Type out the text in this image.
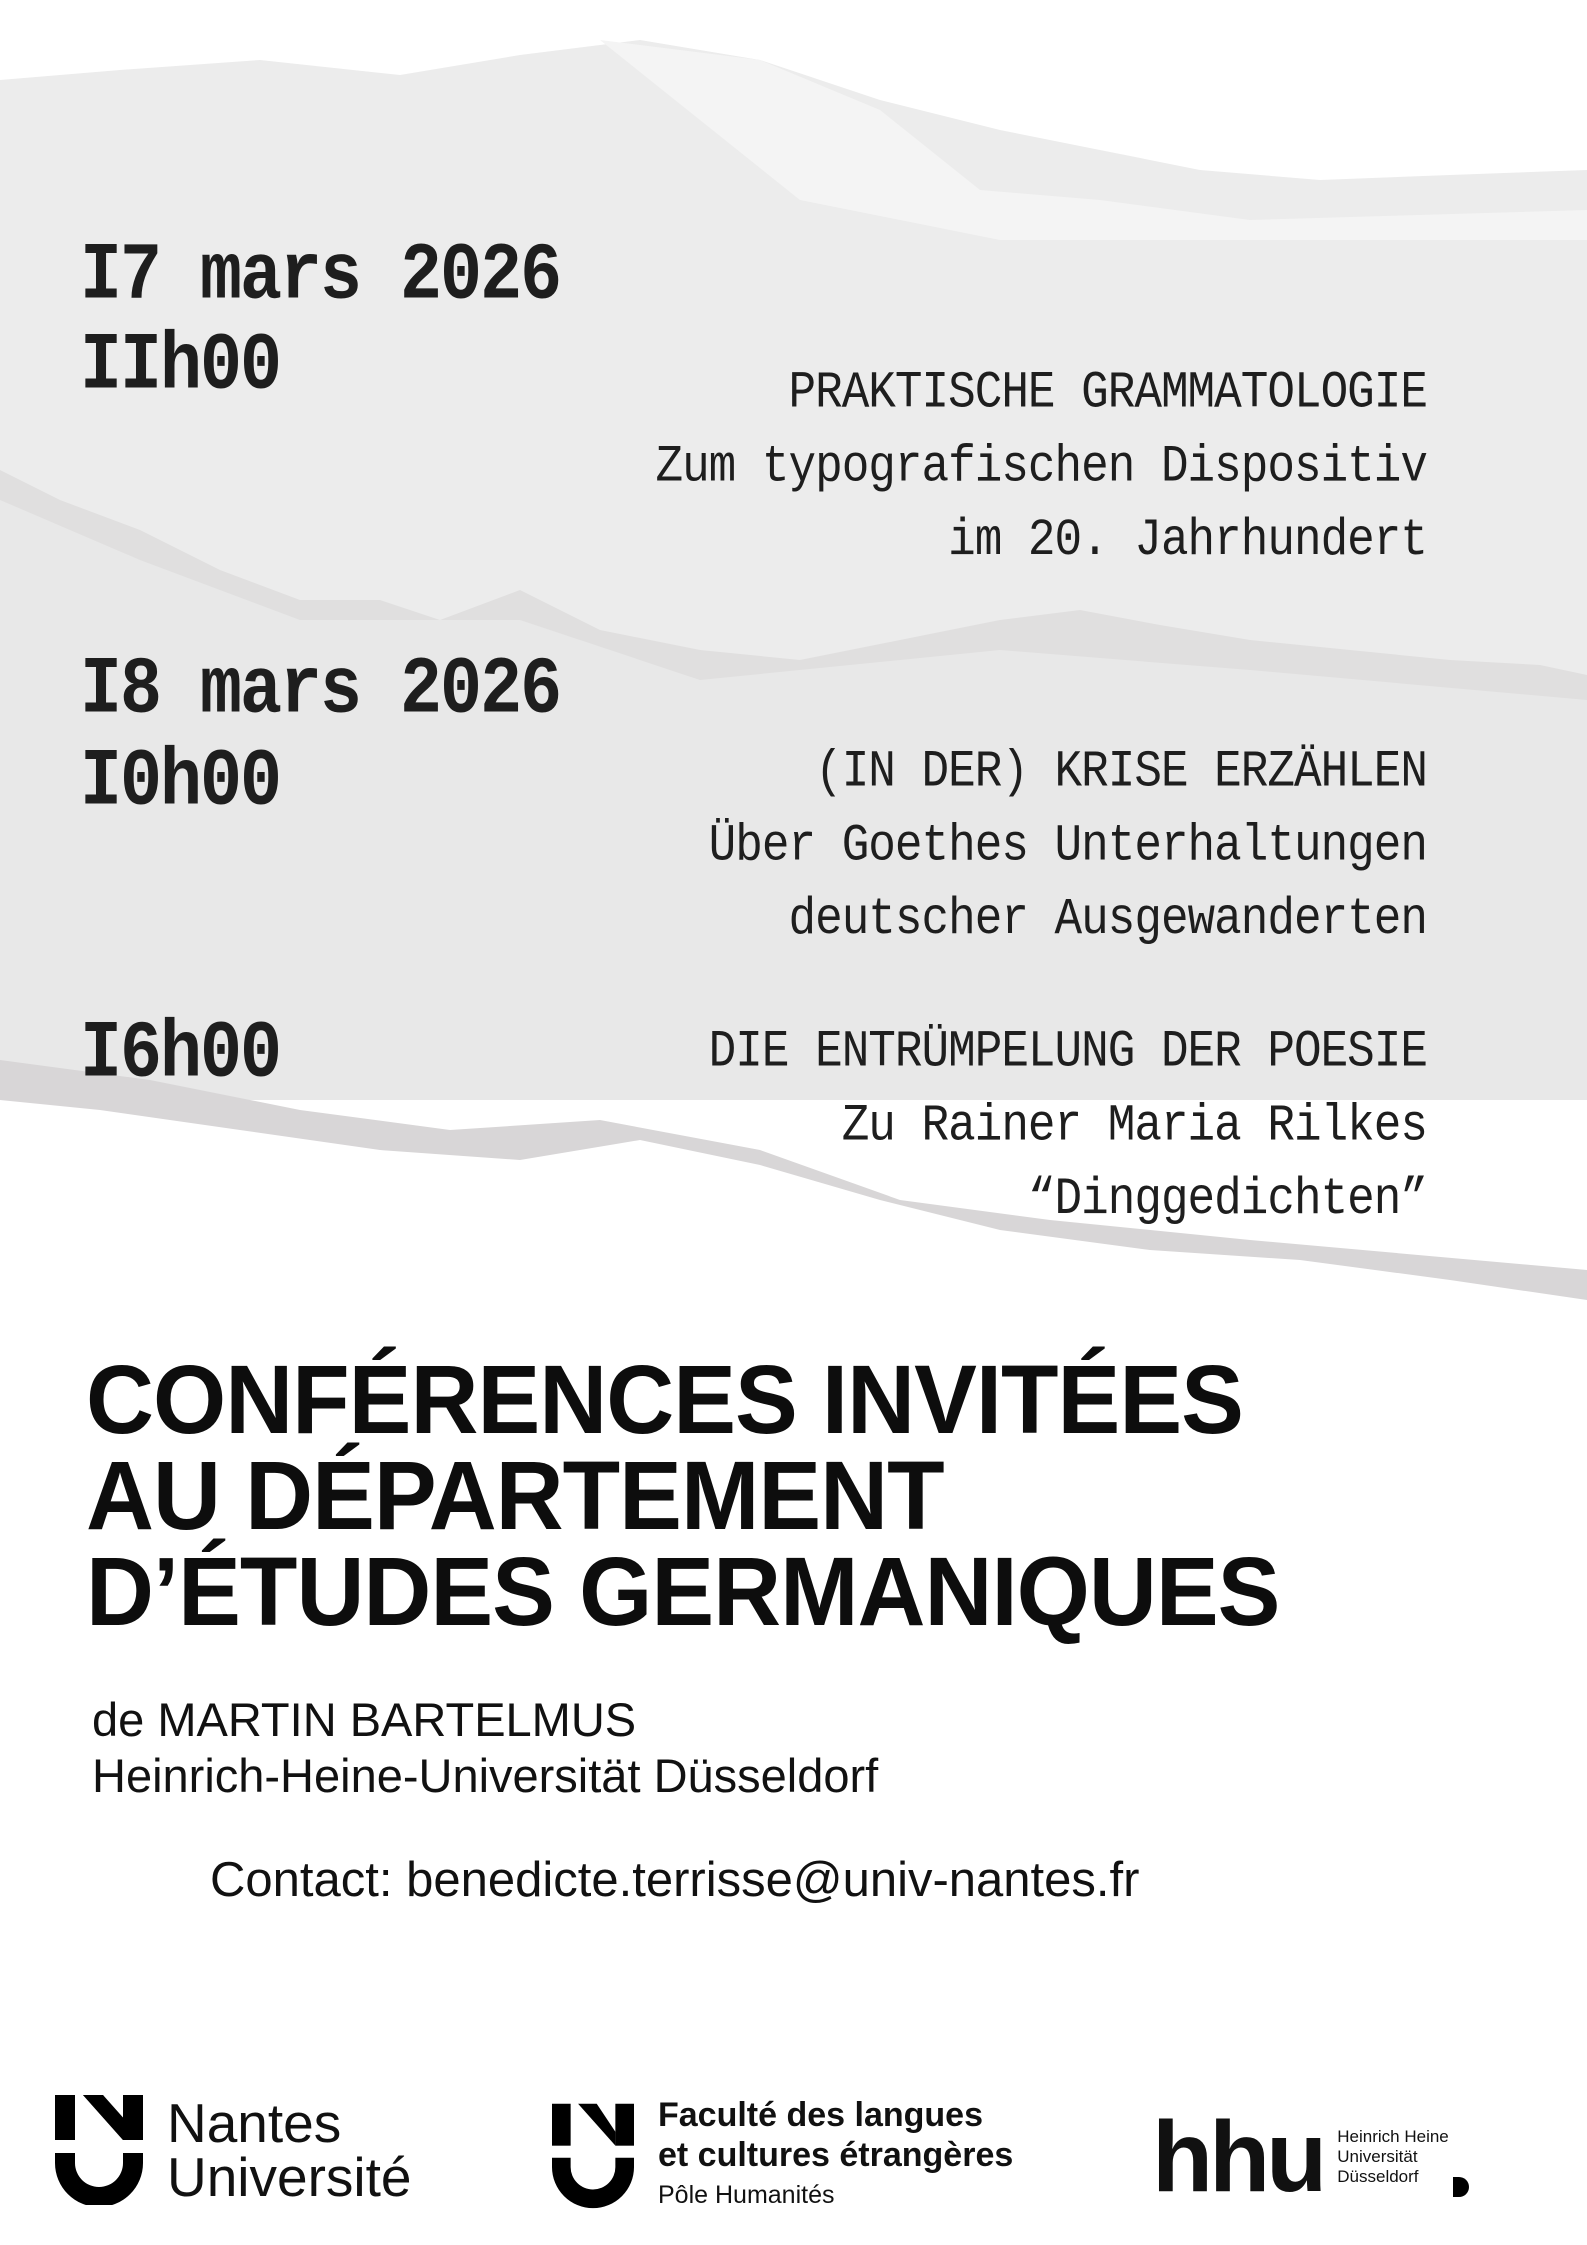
I7 mars 2026
IIh00	PRAKTISCHE GRAMMATOLOGIE
Zum typografischen Dispositiv
im 20. Jahrhundert
I8 mars 2026
I0h00	(IN DER) KRISE ERZÄHLEN
Über Goethes Unterhaltungen
deutscher Ausgewanderten
I6h00	DIE ENTRÜMPELUNG DER POESIE
Zu Rainer Maria Rilkes
“Dinggedichten”
CONFÉRENCES INVITÉES
AU DÉPARTEMENT
D’ÉTUDES GERMANIQUES
de MARTIN BARTELMUS
Heinrich-Heine-Universität Düsseldorf
Contact: benedicte.terrisse@univ-nantes.fr
Nantes
Université
Faculté des langues
et cultures étrangères
Pôle Humanités	hhu Heinrich Heine
Universität
Düsseldorf
